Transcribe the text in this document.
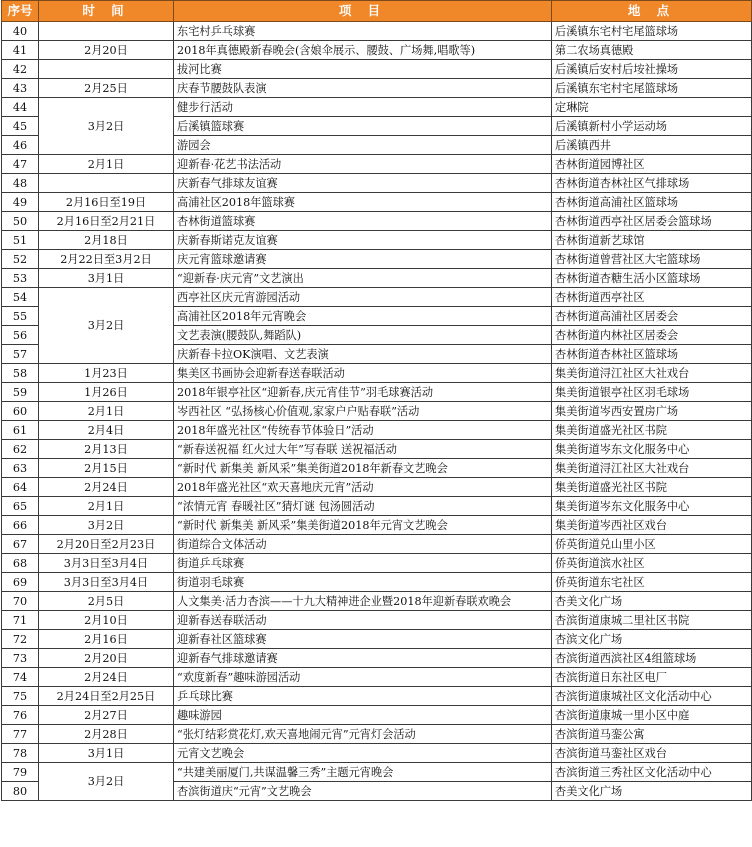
序号	时 间	项 目	地 点
40		东宅村乒乓球赛	后溪镇东宅村宅尾篮球场
41	2月20日	2018年真德殿新春晚会(含娘伞展示、腰鼓、广场舞,唱歌等)	第二农场真德殿
42		拔河比赛	后溪镇后安村后垵社操场
43	2月25日	庆春节腰鼓队表演	后溪镇东宅村宅尾篮球场
44	3月2日	健步行活动	定琳院
45		后溪镇篮球赛	后溪镇新村小学运动场
46		游园会	后溪镇西井
47	2月1日	迎新春·花艺书法活动	杏林街道园博社区
48		庆新春气排球友谊赛	杏林街道杏林社区气排球场
49	2月16日至19日	高浦社区2018年篮球赛	杏林街道高浦社区篮球场
50	2月16日至2月21日	杏林街道篮球赛	杏林街道西亭社区居委会篮球场
51	2月18日	庆新春斯诺克友谊赛	杏林街道新艺球馆
52	2月22日至3月2日	庆元宵篮球邀请赛	杏林街道曾营社区大宅篮球场
53	3月1日	“迎新春·庆元宵”文艺演出	杏林街道杏糖生活小区篮球场
54	3月2日	西亭社区庆元宵游园活动	杏林街道西亭社区
55		高浦社区2018年元宵晚会	杏林街道高浦社区居委会
56		文艺表演(腰鼓队,舞蹈队)	杏林街道内林社区居委会
57		庆新春卡拉OK演唱、文艺表演	杏林街道杏林社区篮球场
58	1月23日	集美区书画协会迎新春送春联活动	集美街道浔江社区大社戏台
59	1月26日	2018年银亭社区“迎新春,庆元宵佳节”羽毛球赛活动	集美街道银亭社区羽毛球场
60	2月1日	岑西社区 “弘扬核心价值观,家家户户贴春联”活动	集美街道岑西安置房广场
61	2月4日	2018年盛光社区“传统春节体验日”活动	集美街道盛光社区书院
62	2月13日	“新春送祝福 红火过大年”写春联 送祝福活动	集美街道岑东文化服务中心
63	2月15日	“新时代 新集美 新风采”集美街道2018年新春文艺晚会	集美街道浔江社区大社戏台
64	2月24日	2018年盛光社区“欢天喜地庆元宵”活动	集美街道盛光社区书院
65	2月1日	“浓情元宵 春暖社区”猜灯谜 包汤圆活动	集美街道岑东文化服务中心
66	3月2日	“新时代 新集美 新风采”集美街道2018年元宵文艺晚会	集美街道岑西社区戏台
67	2月20日至2月23日	街道综合文体活动	侨英街道兑山里小区
68	3月3日至3月4日	街道乒乓球赛	侨英街道滨水社区
69	3月3日至3月4日	街道羽毛球赛	侨英街道东宅社区
70	2月5日	人文集美·活力杏滨——十九大精神进企业暨2018年迎新春联欢晚会	杏美文化广场
71	2月10日	迎新春送春联活动	杏滨街道康城二里社区书院
72	2月16日	迎新春社区篮球赛	杏滨文化广场
73	2月20日	迎新春气排球邀请赛	杏滨街道西滨社区4组篮球场
74	2月24日	“欢度新春”趣味游园活动	杏滨街道日东社区电厂
75	2月24日至2月25日	乒乓球比赛	杏滨街道康城社区文化活动中心
76	2月27日	趣味游园	杏滨街道康城一里小区中庭
77	2月28日	“张灯结彩赏花灯,欢天喜地闹元宵”元宵灯会活动	杏滨街道马銮公寓
78	3月1日	元宵文艺晚会	杏滨街道马銮社区戏台
79	3月2日	“共建美丽厦门,共谋温馨三秀”主题元宵晚会	杏滨街道三秀社区文化活动中心
80		杏滨街道庆“元宵”文艺晚会	杏美文化广场
